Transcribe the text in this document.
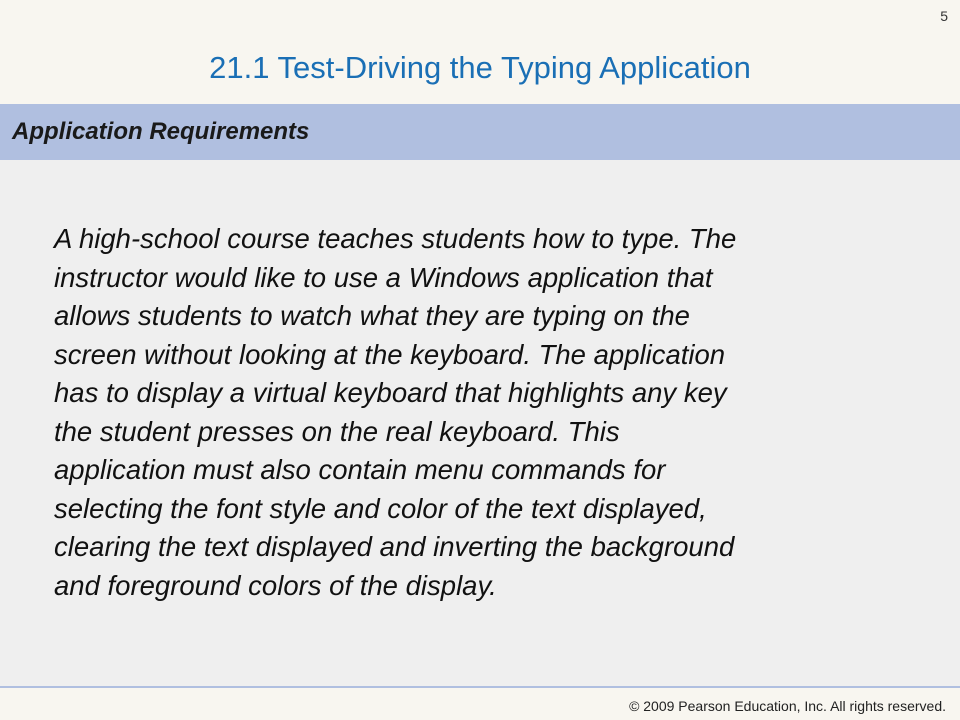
5
21.1 Test-Driving the Typing Application
Application Requirements

A high-school course teaches students how to type. The
instructor would like to use a Windows application that
allows students to watch what they are typing on the
screen without looking at the keyboard. The application
has to display a virtual keyboard that highlights any key
the student presses on the real keyboard. This
application must also contain menu commands for
selecting the font style and color of the text displayed,
clearing the text displayed and inverting the background
and foreground colors of the display.

© 2009 Pearson Education, Inc. All rights reserved.
